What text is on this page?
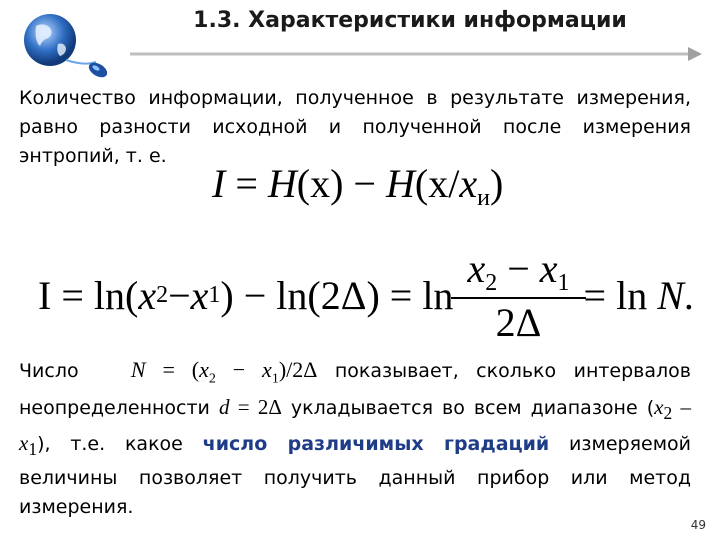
1.3. Характеристики информации
Количество информации, полученное в результате измерения, равно разности исходной и полученной после измерения энтропий, т. е.
$I = H(x) - H(x/x_и)$
I = ln( x 2 − x 1 ) − $\ln(2\Delta) = \ln \frac{x_2 - x_1}{2\Delta} = \ln$
N .
Число $N = (x_2 - x_1)/2\Delta$ показывает, сколько интервалов неопределенности d = 2Δ укладывается во всем диапазоне $(x_2 - x_1)$, т.е. какое число различимых градаций измеряемой величины позволяет получить данный прибор или метод измерения.
49
